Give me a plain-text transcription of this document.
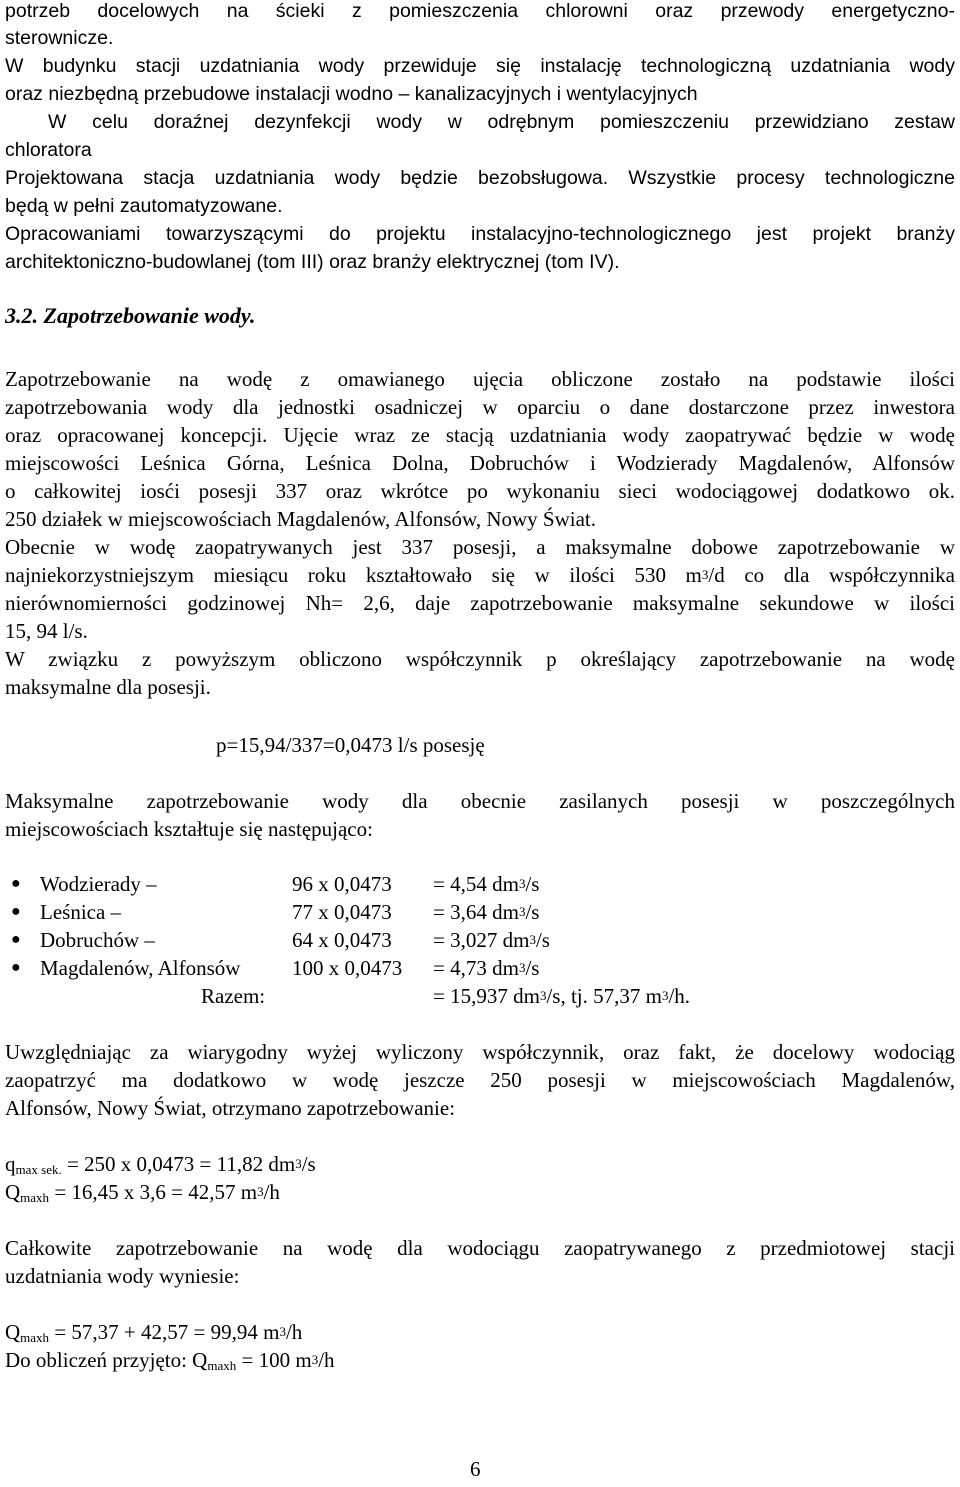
potrzeb docelowych na ścieki z pomieszczenia chlorowni oraz przewody energetyczno-

sterownicze.

W budynku stacji uzdatniania wody przewiduje się instalację technologiczną uzdatniania wody

oraz niezbędną przebudowe instalacji wodno – kanalizacyjnych i wentylacyjnych

W celu doraźnej dezynfekcji wody w odrębnym pomieszczeniu przewidziano zestaw

chloratora

Projektowana stacja uzdatniania wody będzie bezobsługowa. Wszystkie procesy technologiczne

będą w pełni zautomatyzowane.

Opracowaniami towarzyszącymi do projektu instalacyjno-technologicznego jest projekt branży

architektoniczno-budowlanej (tom III) oraz branży elektrycznej (tom IV).

3.2. Zapotrzebowanie wody.

Zapotrzebowanie na wodę z omawianego ujęcia obliczone zostało na podstawie ilości

zapotrzebowania wody dla jednostki osadniczej w oparciu o dane dostarczone przez inwestora

oraz opracowanej koncepcji. Ujęcie wraz ze stacją uzdatniania wody zaopatrywać będzie w wodę

miejscowości Leśnica Górna, Leśnica Dolna, Dobruchów i Wodzierady Magdalenów, Alfonsów

o całkowitej iosći posesji 337 oraz wkrótce po wykonaniu sieci wodociągowej dodatkowo ok.

250 działek w miejscowościach Magdalenów, Alfonsów, Nowy Świat.

Obecnie w wodę zaopatrywanych jest 337 posesji, a maksymalne dobowe zapotrzebowanie w

najniekorzystniejszym miesiącu roku kształtowało się w ilości 530 $m^3/d$ co dla współczynnika

nierównomierności godzinowej Nh= 2,6, daje zapotrzebowanie maksymalne sekundowe w ilości

15, 94 l/s.

W związku z powyższym obliczono współczynnik p określający zapotrzebowanie na wodę

maksymalne dla posesji.

p=15,94/337=0,0473 l/s posesję

Maksymalne zapotrzebowanie wody dla obecnie zasilanych posesji w poszczególnych

miejscowościach kształtuje się następująco:

● Wodzierady –	96 x 0,0473 = 4,54 $dm^3/s$
● Leśnica –	77 x 0,0473 = 3,64 $dm^3/s$
● Dobruchów –	64 x 0,0473 = 3,027 $dm^3/s$
● Magdalenów, Alfonsów 100 x 0,0473 = 4,73 $dm^3/s$
Razem:	= 15,937 $dm^3/s$, tj. 57,37 $m^3/h$.

Uwzględniając za wiarygodny wyżej wyliczony współczynnik, oraz fakt, że docelowy wodociąg

zaopatrzyć ma dodatkowo w wodę jeszcze 250 posesji w miejscowościach Magdalenów,

Alfonsów, Nowy Świat, otrzymano zapotrzebowanie:

$q_{max sek.} = 250$ x 0,0473 = 11,82 $dm^3/s$

$Q_{maxh} = 16,45$ x 3,6 = 42,57 $m^3/h$

Całkowite zapotrzebowanie na wodę dla wodociągu zaopatrywanego z przedmiotowej stacji

uzdatniania wody wyniesie:

$Q_{maxh} = 57,37 + 42,57 = 99,94$ $m^3/h$

Do obliczeń przyjęto: $Q_{maxh} = 100$ $m^3/h$

6
